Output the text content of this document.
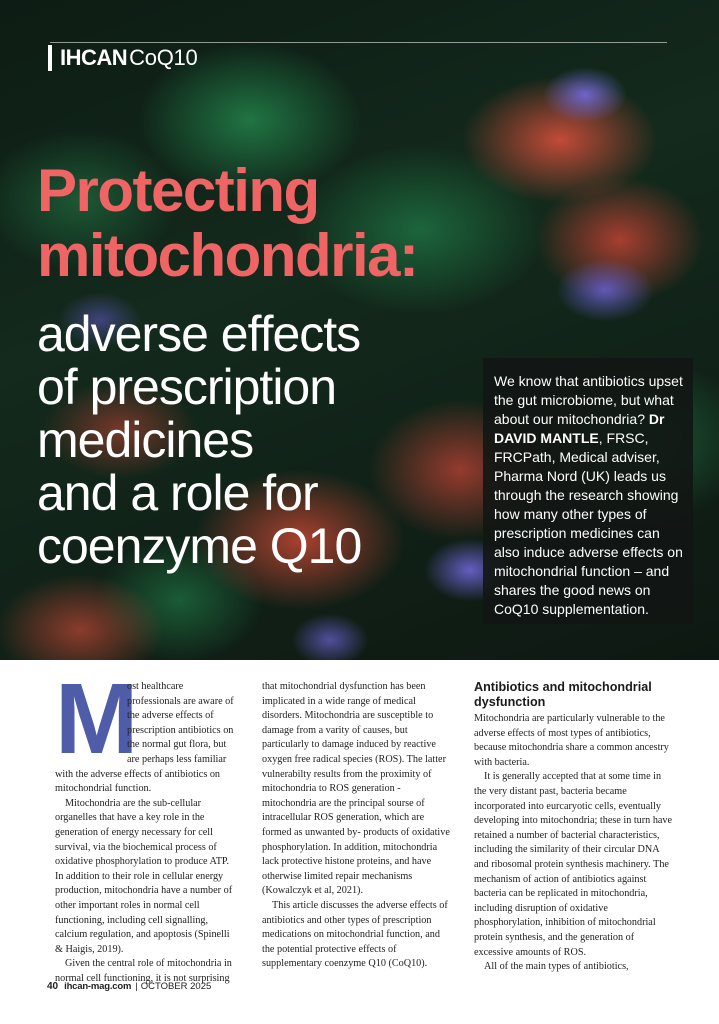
IHCAN CoQ10
Protecting
mitochondria:
adverse effects
of prescription
medicines
and a role for
coenzyme Q10
We know that antibiotics upset the gut microbiome, but what about our mitochondria? Dr DAVID MANTLE, FRSC, FRCPath, Medical adviser, Pharma Nord (UK) leads us through the research showing how many other types of prescription medicines can also induce adverse effects on mitochondrial function – and shares the good news on CoQ10 supplementation.
M

ost healthcare professionals are aware of the adverse effects of prescription antibiotics on the normal gut flora, but are perhaps less familiar with the adverse effects of antibiotics on mitochondrial function.

Mitochondria are the sub-cellular organelles that have a key role in the generation of energy necessary for cell survival, via the biochemical process of oxidative phosphorylation to produce ATP. In addition to their role in cellular energy production, mitochondria have a number of other important roles in normal cell functioning, including cell signalling, calcium regulation, and apoptosis (Spinelli & Haigis, 2019).

Given the central role of mitochondria in normal cell functioning, it is not surprising

that mitochondrial dysfunction has been implicated in a wide range of medical disorders. Mitochondria are susceptible to damage from a varity of causes, but particularly to damage induced by reactive oxygen free radical species (ROS). The latter vulnerabilty results from the proximity of mitochondria to ROS generation - mitochondria are the principal sourse of intracellular ROS generation, which are formed as unwanted by- products of oxidative phosphorylation. In addition, mitochondria lack protective histone proteins, and have otherwise limited repair mechanisms (Kowalczyk et al, 2021).

This article discusses the adverse effects of antibiotics and other types of prescription medications on mitochondrial function, and the potential protective effects of supplementary coenzyme Q10 (CoQ10).

Antibiotics and mitochondrial dysfunction

Mitochondria are particularly vulnerable to the adverse effects of most types of antibiotics, because mitochondria share a common ancestry with bacteria.

It is generally accepted that at some time in the very distant past, bacteria became incorporated into eurcaryotic cells, eventually developing into mitochondria; these in turn have retained a number of bacterial characteristics, including the similarity of their circular DNA and ribosomal protein synthesis machinery. The mechanism of action of antibiotics against bacteria can be replicated in mitochondria, including disruption of oxidative phosphorylation, inhibition of mitochondrial protein synthesis, and the generation of excessive amounts of ROS.

All of the main types of antibiotics,

40 ihcan-mag.com | OCTOBER 2025
